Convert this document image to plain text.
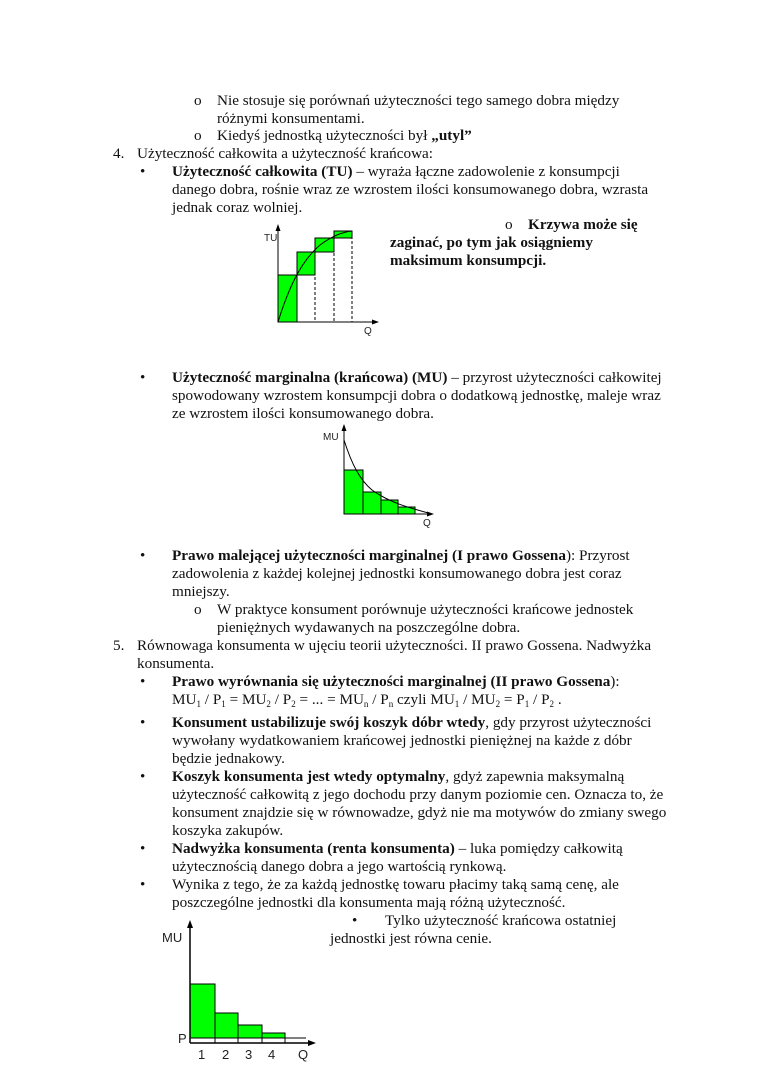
o Nie stosuje się porównań użyteczności tego samego dobra między
różnymi konsumentami.
o Kiedyś jednostką użyteczności był „utyl”
4. Użyteczność całkowita a użyteczność krańcowa:
• Użyteczność całkowita (TU) – wyraża łączne zadowolenie z konsumpcji
danego dobra, rośnie wraz ze wzrostem ilości konsumowanego dobra, wzrasta
jednak coraz wolniej.
o Krzywa może się
zaginać, po tym jak osiągniemy
maksimum konsumpcji.
TU
Q
• Użyteczność marginalna (krańcowa) (MU) – przyrost użyteczności całkowitej
spowodowany wzrostem konsumpcji dobra o dodatkową jednostkę, maleje wraz
ze wzrostem ilości konsumowanego dobra.
MU
Q
• Prawo malejącej użyteczności marginalnej (I prawo Gossena): Przyrost
zadowolenia z każdej kolejnej jednostki konsumowanego dobra jest coraz
mniejszy.
o W praktyce konsument porównuje użyteczności krańcowe jednostek
pieniężnych wydawanych na poszczególne dobra.
5. Równowaga konsumenta w ujęciu teorii użyteczności. II prawo Gossena. Nadwyżka
konsumenta.
• Prawo wyrównania się użyteczności marginalnej (II prawo Gossena):
$MU_1 / P_1 = MU_2 / P_2$ = ... = $MU_n / P_n$ czyli $MU_1 / MU_2 = P_1 / P_2$ .
• Konsument ustabilizuje swój koszyk dóbr wtedy, gdy przyrost użyteczności
wywołany wydatkowaniem krańcowej jednostki pieniężnej na każde z dóbr
będzie jednakowy.
• Koszyk konsumenta jest wtedy optymalny, gdyż zapewnia maksymalną
użyteczność całkowitą z jego dochodu przy danym poziomie cen. Oznacza to, że
konsument znajdzie się w równowadze, gdyż nie ma motywów do zmiany swego
koszyka zakupów.
• Nadwyżka konsumenta (renta konsumenta) – luka pomiędzy całkowitą
użytecznością danego dobra a jego wartością rynkową.
• Wynika z tego, że za każdą jednostkę towaru płacimy taką samą cenę, ale
poszczególne jednostki dla konsumenta mają różną użyteczność.
• Tylko użyteczność krańcowa ostatniej
jednostki jest równa cenie.
MU
P
1 2 3 4 Q
